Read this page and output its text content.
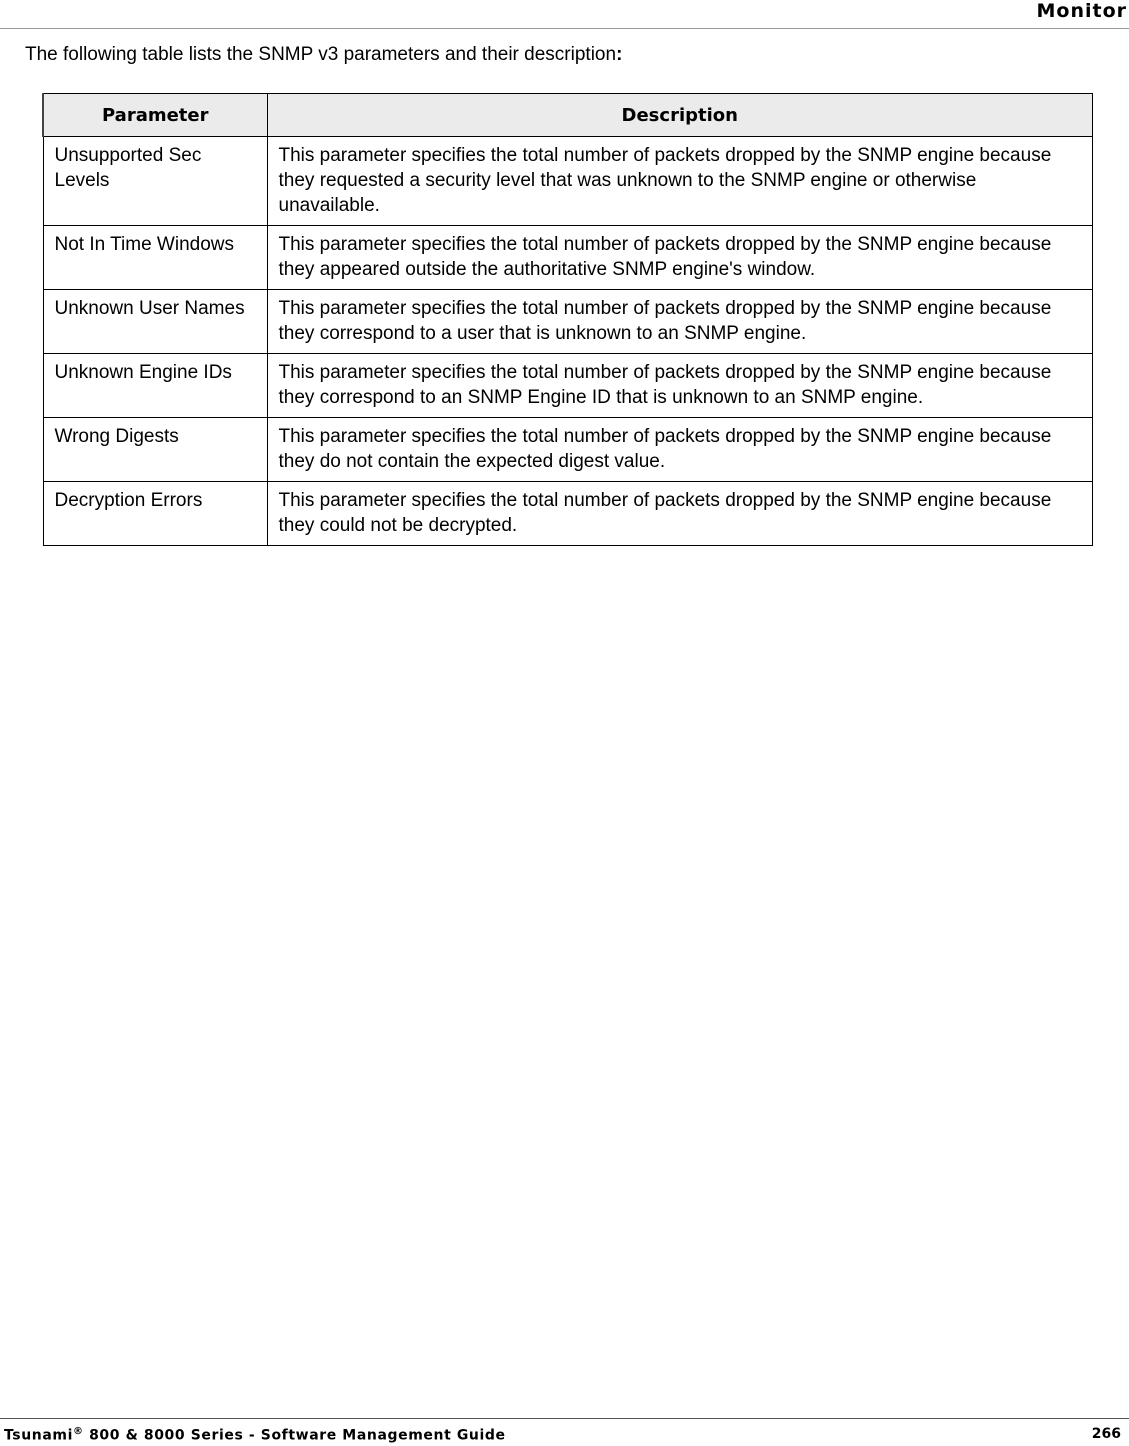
Monitor
The following table lists the SNMP v3 parameters and their description:
Parameter	Description
Unsupported Sec Levels	This parameter specifies the total number of packets dropped by the SNMP engine because they requested a security level that was unknown to the SNMP engine or otherwise unavailable.
Not In Time Windows	This parameter specifies the total number of packets dropped by the SNMP engine because they appeared outside the authoritative SNMP engine's window.
Unknown User Names	This parameter specifies the total number of packets dropped by the SNMP engine because they correspond to a user that is unknown to an SNMP engine.
Unknown Engine IDs	This parameter specifies the total number of packets dropped by the SNMP engine because they correspond to an SNMP Engine ID that is unknown to an SNMP engine.
Wrong Digests	This parameter specifies the total number of packets dropped by the SNMP engine because they do not contain the expected digest value.
Decryption Errors	This parameter specifies the total number of packets dropped by the SNMP engine because they could not be decrypted.
Tsunami® 800 & 8000 Series - Software Management Guide	266
